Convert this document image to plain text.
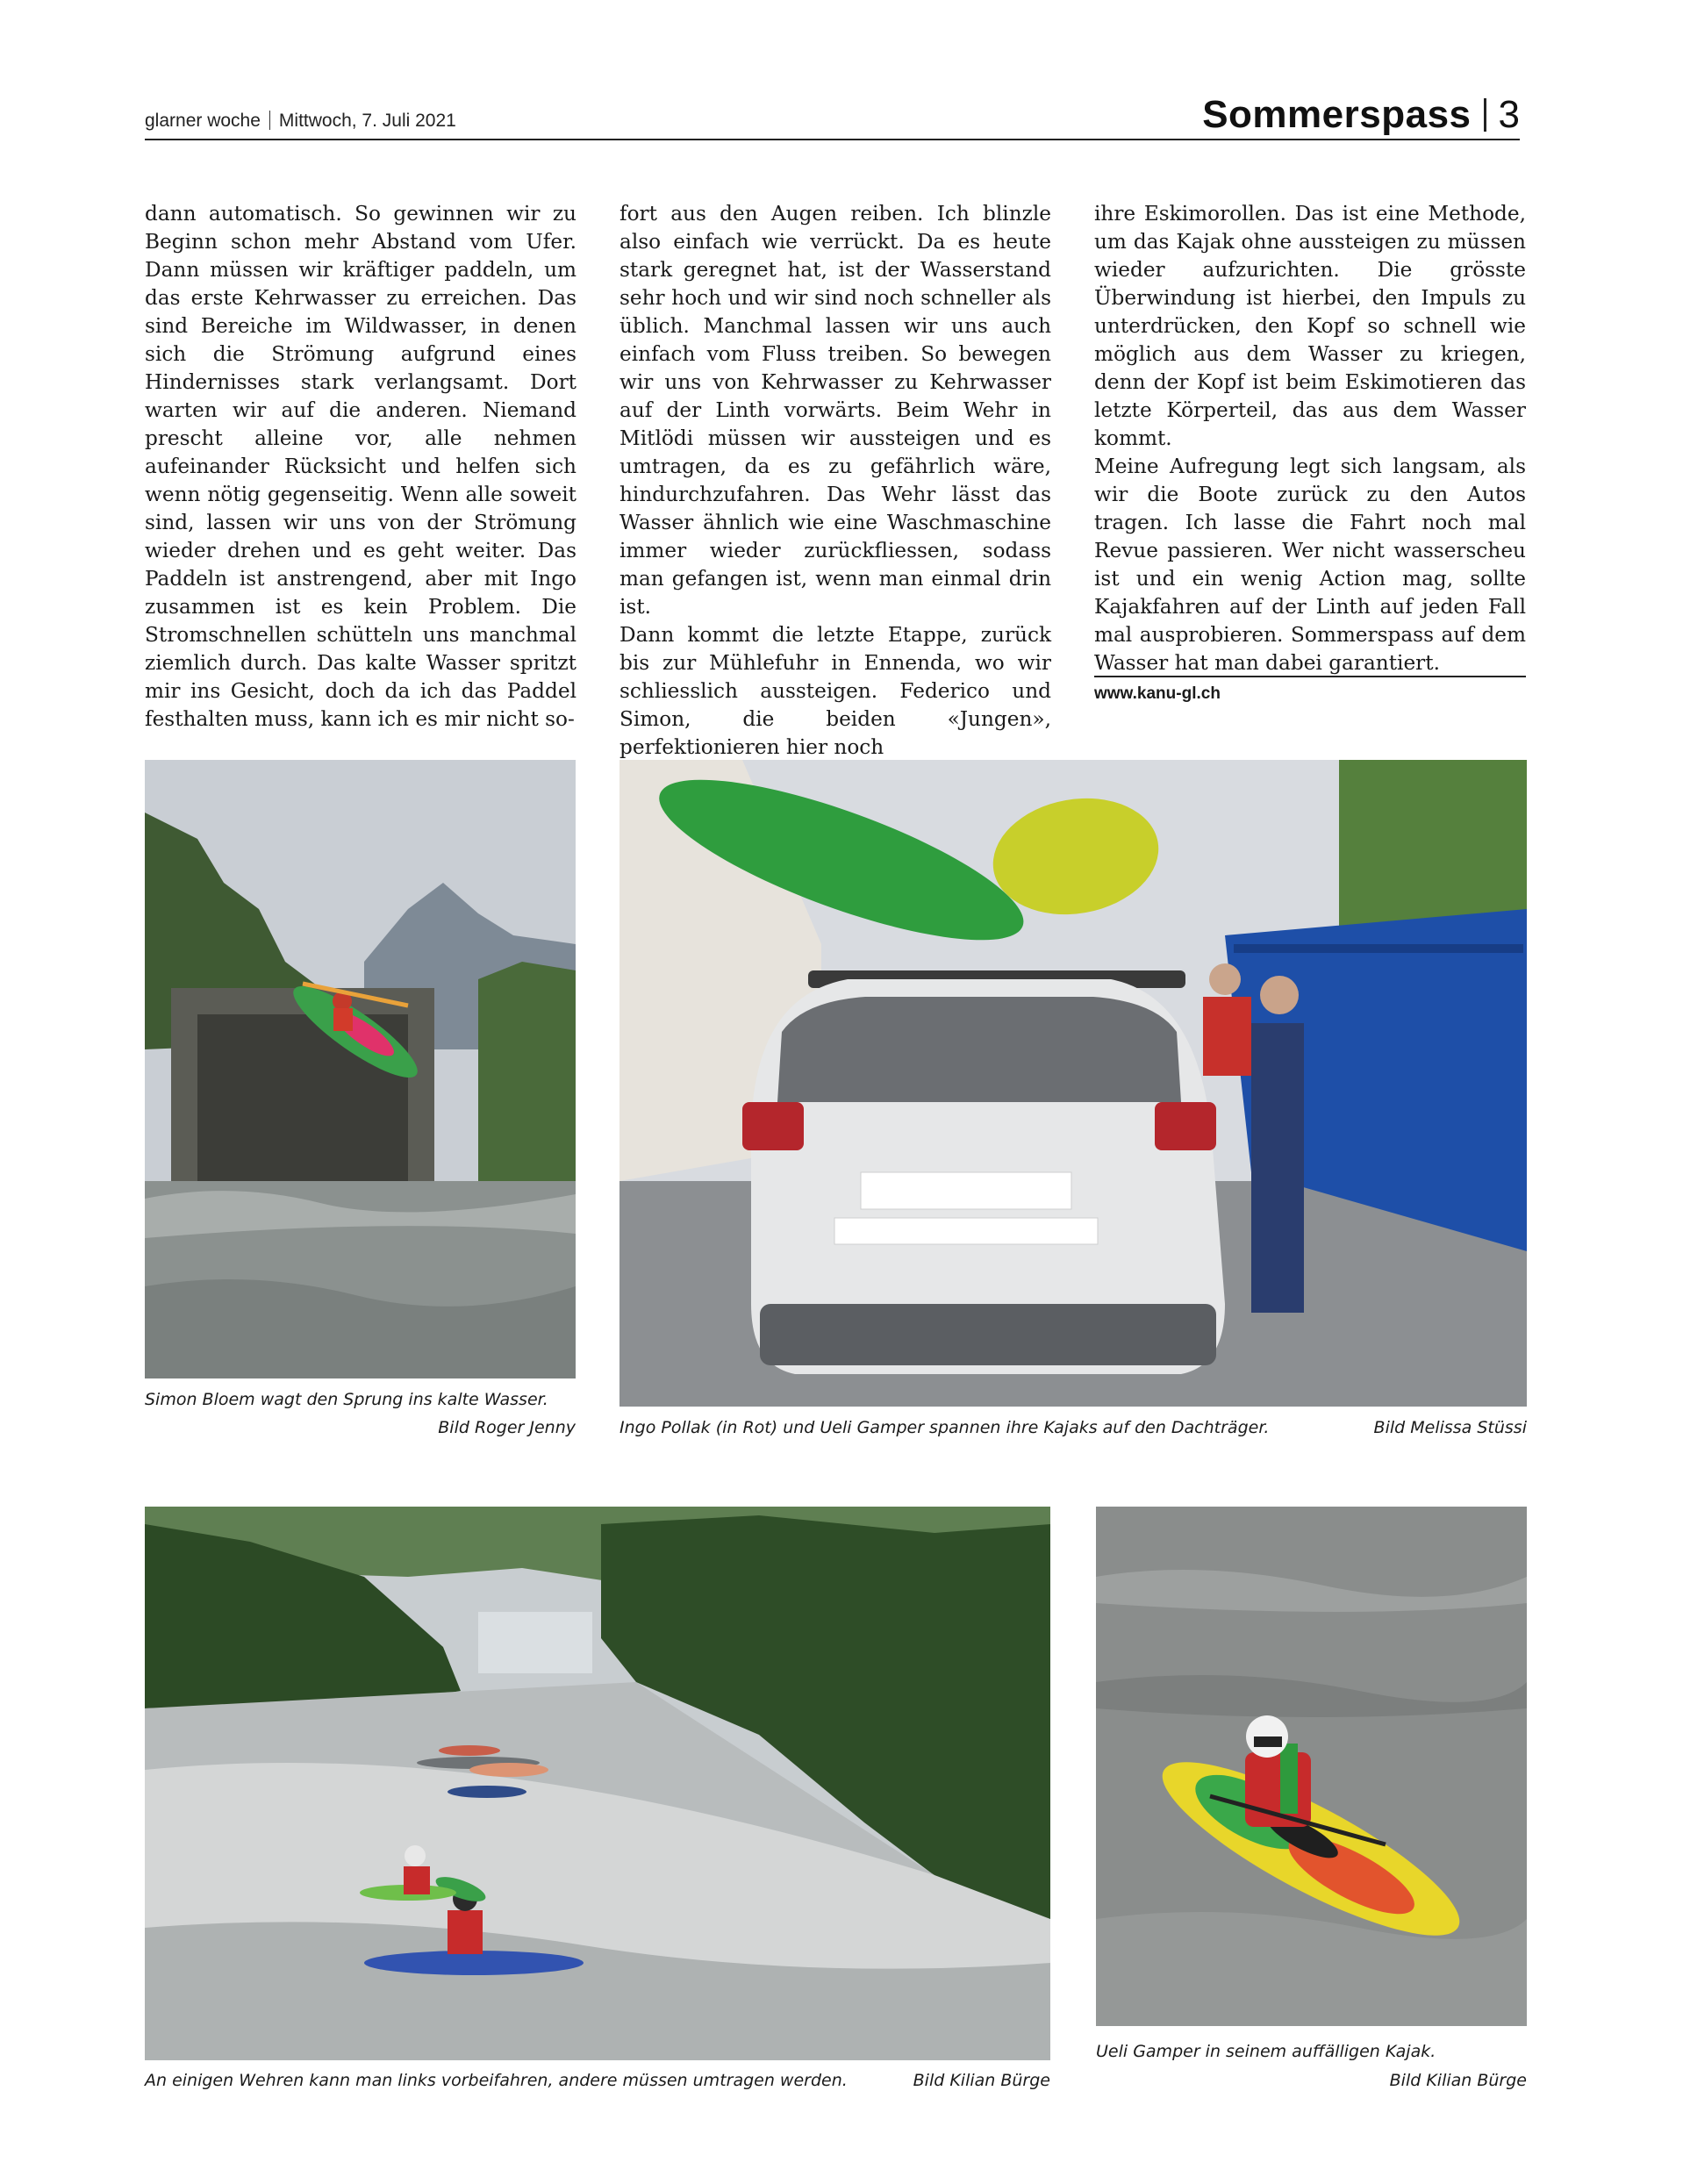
glarner woche Mittwoch, 7. Juli 2021	Sommerspass 3

dann automatisch. So gewinnen wir zu Beginn schon mehr Abstand vom Ufer. Dann müssen wir kräftiger paddeln, um das erste Kehrwasser zu erreichen. Das sind Bereiche im Wildwasser, in denen sich die Strömung aufgrund eines Hindernisses stark verlangsamt. Dort warten wir auf die anderen. Niemand prescht alleine vor, alle nehmen aufeinander Rücksicht und helfen sich wenn nötig gegenseitig. Wenn alle soweit sind, lassen wir uns von der Strömung wieder drehen und es geht weiter. Das Paddeln ist anstrengend, aber mit Ingo zusammen ist es kein Problem. Die Stromschnellen schütteln uns manchmal ziemlich durch. Das kalte Wasser spritzt mir ins Gesicht, doch da ich das Paddel festhalten muss, kann ich es mir nicht so-

fort aus den Augen reiben. Ich blinzle also einfach wie verrückt. Da es heute stark geregnet hat, ist der Wasserstand sehr hoch und wir sind noch schneller als üblich. Manchmal lassen wir uns auch einfach vom Fluss treiben. So bewegen wir uns von Kehrwasser zu Kehrwasser auf der Linth vorwärts. Beim Wehr in Mitlödi müssen wir aussteigen und es umtragen, da es zu gefährlich wäre, hindurchzufahren. Das Wehr lässt das Wasser ähnlich wie eine Waschmaschine immer wieder zurückfliessen, sodass man gefangen ist, wenn man einmal drin ist.

Dann kommt die letzte Etappe, zurück bis zur Mühlefuhr in Ennenda, wo wir schliesslich aussteigen. Federico und Simon, die beiden «Jungen», perfektionieren hier noch

ihre Eskimorollen. Das ist eine Methode, um das Kajak ohne aussteigen zu müssen wieder aufzurichten. Die grösste Überwindung ist hierbei, den Impuls zu unterdrücken, den Kopf so schnell wie möglich aus dem Wasser zu kriegen, denn der Kopf ist beim Eskimotieren das letzte Körperteil, das aus dem Wasser kommt.

Meine Aufregung legt sich langsam, als wir die Boote zurück zu den Autos tragen. Ich lasse die Fahrt noch mal Revue passieren. Wer nicht wasserscheu ist und ein wenig Action mag, sollte Kajakfahren auf der Linth auf jeden Fall mal ausprobieren. Sommerspass auf dem Wasser hat man dabei garantiert.

www.kanu-gl.ch
Simon Bloem wagt den Sprung ins kalte Wasser.
Bild Roger Jenny	Ingo Pollak (in Rot) und Ueli Gamper spannen ihre Kajaks auf den Dachträger.	Bild Melissa Stüssi
An einigen Wehren kann man links vorbeifahren, andere müssen umtragen werden.	Bild Kilian Bürge
Ueli Gamper in seinem auffälligen Kajak.
Bild Kilian Bürge
